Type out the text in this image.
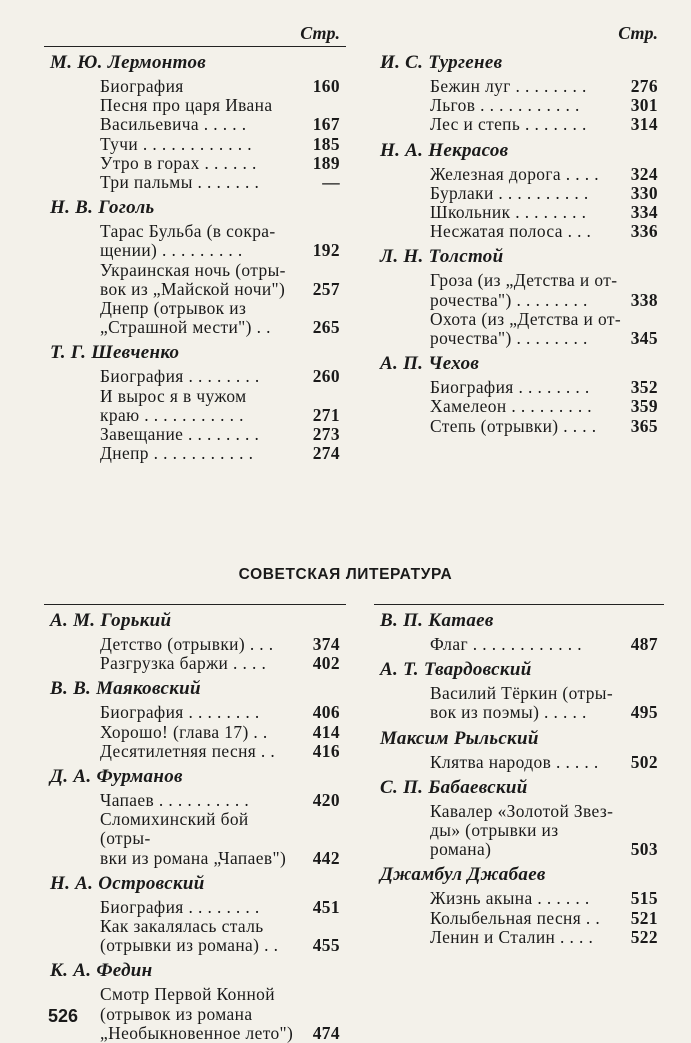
Стр.
М. Ю. Лермонтов
Биография	160
Песня про царя Ивана
Васильевича . . . . .	167
Тучи . . . . . . . . . . . .	185
Утро в горах . . . . . .	189
Три пальмы . . . . . . .	—
Н. В. Гоголь
Тарас Бульба (в сокра-
щении) . . . . . . . . .	192
Украинская ночь (отры-
вок из „Майской ночи")	257
Днепр (отрывок из
„Страшной мести") . .	265
Т. Г. Шевченко
Биография . . . . . . . .	260
И вырос я в чужом
краю . . . . . . . . . . .	271
Завещание . . . . . . . .	273
Днепр . . . . . . . . . . .	274
Стр.
И. С. Тургенев
Бежин луг . . . . . . . .	276
Льгов . . . . . . . . . . .	301
Лес и степь . . . . . . .	314
Н. А. Некрасов
Железная дорога . . . .	324
Бурлаки . . . . . . . . . .	330
Школьник . . . . . . . .	334
Несжатая полоса . . .	336
Л. Н. Толстой
Гроза (из „Детства и от-
рочества") . . . . . . . .	338
Охота (из „Детства и от-
рочества") . . . . . . . .	345
А. П. Чехов
Биография . . . . . . . .	352
Хамелеон . . . . . . . . .	359
Степь (отрывки) . . . .	365
СОВЕТСКАЯ ЛИТЕРАТУРА
А. М. Горький
Детство (отрывки) . . .	374
Разгрузка баржи . . . .	402
В. В. Маяковский
Биография . . . . . . . .	406
Хорошо! (глава 17) . .	414
Десятилетняя песня . .	416
Д. А. Фурманов
Чапаев . . . . . . . . . .	420
Сломихинский бой (отры-
вки из романа „Чапаев")	442
Н. А. Островский
Биография . . . . . . . .	451
Как закалялась сталь
(отрывки из романа) . .	455
К. А. Федин
Смотр Первой Конной
(отрывок из романа
„Необыкновенное лето")	474
В. П. Катаев
Флаг . . . . . . . . . . . .	487
А. Т. Твардовский
Василий Тёркин (отры-
вок из поэмы) . . . . .	495
Максим Рыльский
Клятва народов . . . . .	502
С. П. Бабаевский
Кавалер «Золотой Звез-
ды» (отрывки из романа)	503
Джамбул Джабаев
Жизнь акына . . . . . .	515
Колыбельная песня . .	521
Ленин и Сталин . . . .	522
526
